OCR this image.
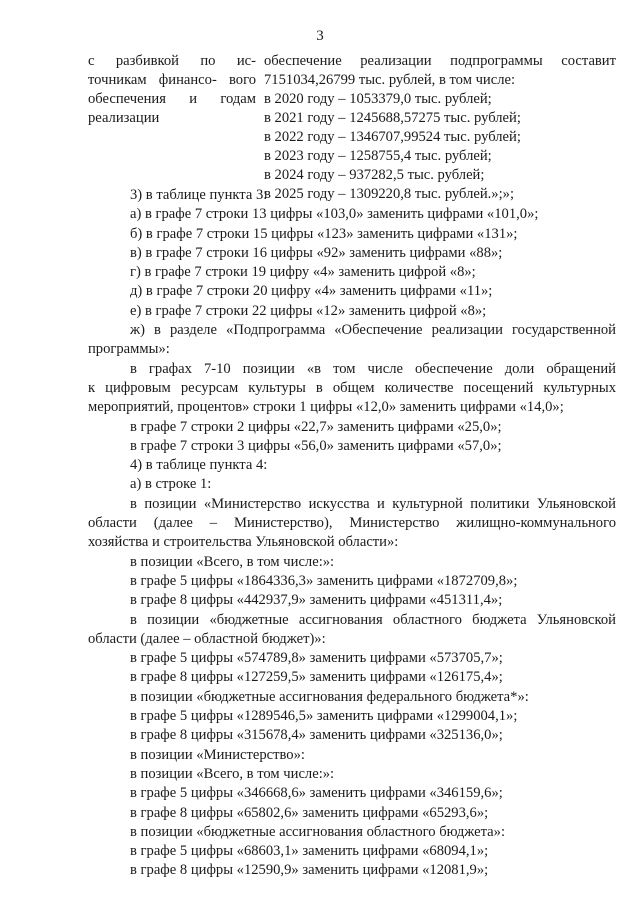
3
с разбивкой по ис- точникам финансо- вого обеспечения и годам реализации
обеспечение реализации подпрограммы составит
7151034,26799 тыс. рублей, в том числе:
в 2020 году – 1053379,0 тыс. рублей;
в 2021 году – 1245688,57275 тыс. рублей;
в 2022 году – 1346707,99524 тыс. рублей;
в 2023 году – 1258755,4 тыс. рублей;
в 2024 году – 937282,5 тыс. рублей;
в 2025 году – 1309220,8 тыс. рублей.»;»;
3) в таблице пункта 3:
а) в графе 7 строки 13 цифры «103,0» заменить цифрами «101,0»;
б) в графе 7 строки 15 цифры «123» заменить цифрами «131»;
в) в графе 7 строки 16 цифры «92» заменить цифрами «88»;
г) в графе 7 строки 19 цифру «4» заменить цифрой «8»;
д) в графе 7 строки 20 цифру «4» заменить цифрами «11»;
е) в графе 7 строки 22 цифры «12» заменить цифрой «8»;
ж) в разделе «Подпрограмма «Обеспечение реализации государственной
программы»:
в графах 7-10 позиции «в том числе обеспечение доли обращений
к цифровым ресурсам культуры в общем количестве посещений культурных
мероприятий, процентов» строки 1 цифры «12,0» заменить цифрами «14,0»;
в графе 7 строки 2 цифры «22,7» заменить цифрами «25,0»;
в графе 7 строки 3 цифры «56,0» заменить цифрами «57,0»;
4) в таблице пункта 4:
а) в строке 1:
в позиции «Министерство искусства и культурной политики Ульяновской
области (далее – Министерство), Министерство жилищно-коммунального
хозяйства и строительства Ульяновской области»:
в позиции «Всего, в том числе:»:
в графе 5 цифры «1864336,3» заменить цифрами «1872709,8»;
в графе 8 цифры «442937,9» заменить цифрами «451311,4»;
в позиции «бюджетные ассигнования областного бюджета Ульяновской
области (далее – областной бюджет)»:
в графе 5 цифры «574789,8» заменить цифрами «573705,7»;
в графе 8 цифры «127259,5» заменить цифрами «126175,4»;
в позиции «бюджетные ассигнования федерального бюджета*»:
в графе 5 цифры «1289546,5» заменить цифрами «1299004,1»;
в графе 8 цифры «315678,4» заменить цифрами «325136,0»;
в позиции «Министерство»:
в позиции «Всего, в том числе:»:
в графе 5 цифры «346668,6» заменить цифрами «346159,6»;
в графе 8 цифры «65802,6» заменить цифрами «65293,6»;
в позиции «бюджетные ассигнования областного бюджета»:
в графе 5 цифры «68603,1» заменить цифрами «68094,1»;
в графе 8 цифры «12590,9» заменить цифрами «12081,9»;
